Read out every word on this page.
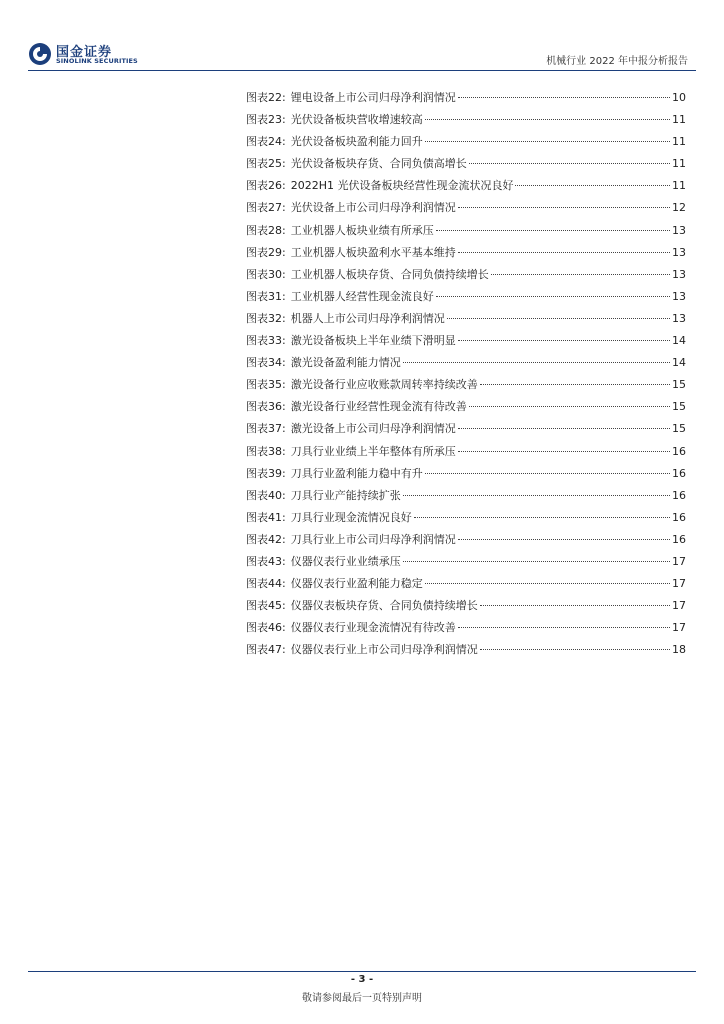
国金证券
SINOLINK SECURITIES	机械行业 2022 年中报分析报告
图表22: 锂电设备上市公司归母净利润情况	10
图表23: 光伏设备板块营收增速较高	11
图表24: 光伏设备板块盈利能力回升	11
图表25: 光伏设备板块存货、合同负债高增长	11
图表26: 2022H1 光伏设备板块经营性现金流状况良好	11
图表27: 光伏设备上市公司归母净利润情况	12
图表28: 工业机器人板块业绩有所承压	13
图表29: 工业机器人板块盈利水平基本维持	13
图表30: 工业机器人板块存货、合同负债持续增长	13
图表31: 工业机器人经营性现金流良好	13
图表32: 机器人上市公司归母净利润情况	13
图表33: 激光设备板块上半年业绩下滑明显	14
图表34: 激光设备盈利能力情况	14
图表35: 激光设备行业应收账款周转率持续改善	15
图表36: 激光设备行业经营性现金流有待改善	15
图表37: 激光设备上市公司归母净利润情况	15
图表38: 刀具行业业绩上半年整体有所承压	16
图表39: 刀具行业盈利能力稳中有升	16
图表40: 刀具行业产能持续扩张	16
图表41: 刀具行业现金流情况良好	16
图表42: 刀具行业上市公司归母净利润情况	16
图表43: 仪器仪表行业业绩承压	17
图表44: 仪器仪表行业盈利能力稳定	17
图表45: 仪器仪表板块存货、合同负债持续增长	17
图表46: 仪器仪表行业现金流情况有待改善	17
图表47: 仪器仪表行业上市公司归母净利润情况	18
- 3 -
敬请参阅最后一页特别声明
